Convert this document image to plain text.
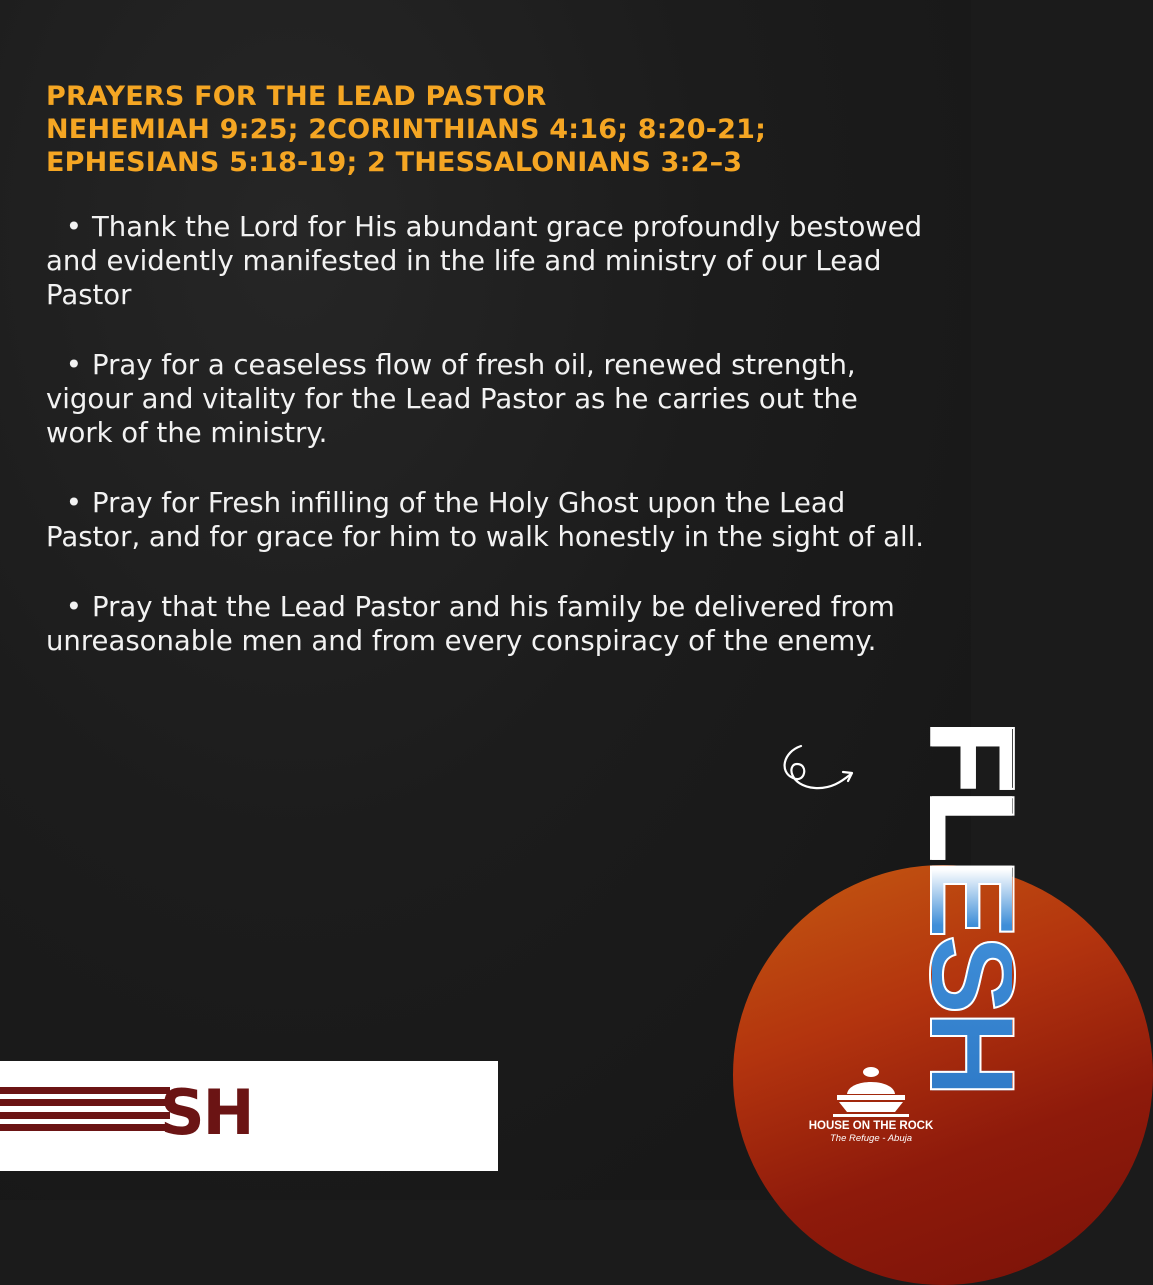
PRAYERS FOR THE LEAD PASTOR
NEHEMIAH 9:25; 2CORINTHIANS 4:16; 8:20-21;
EPHESIANS 5:18-19; 2 THESSALONIANS 3:2–3
• Thank the Lord for His abundant grace profoundly bestowed and evidently manifested in the life and ministry of our Lead Pastor
• Pray for a ceaseless flow of fresh oil, renewed strength, vigour and vitality for the Lead Pastor as he carries out the work of the ministry.
• Pray for Fresh infilling of the Holy Ghost upon the Lead Pastor, and for grace for him to walk honestly in the sight of all.
• Pray that the Lead Pastor and his family be delivered from unreasonable men and from every conspiracy of the enemy.
FLESH
SH	HOUSE ON THE ROCK
The Refuge - Abuja
